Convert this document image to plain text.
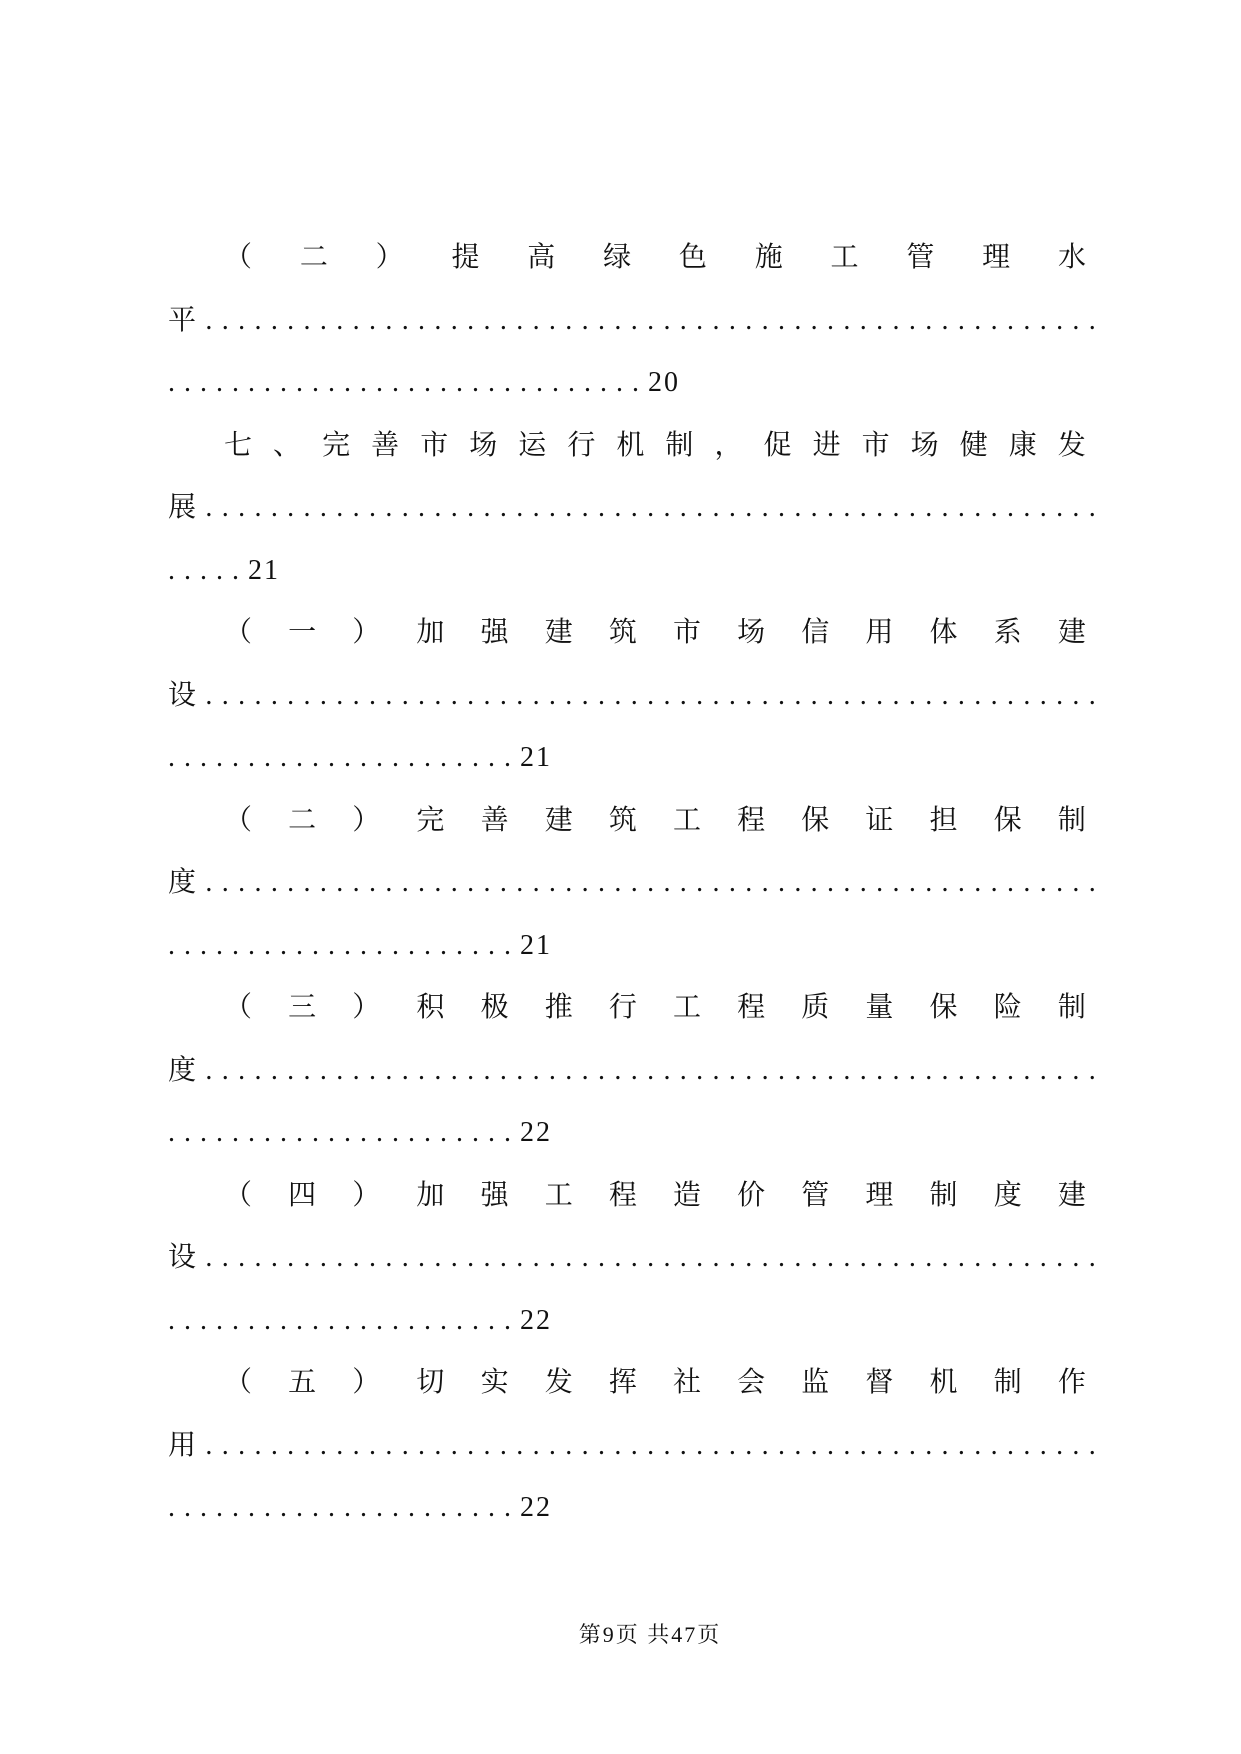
（ 二 ） 提 高 绿 色 施 工 管 理 水
平 . . . . . . . . . . . . . . . . . . . . . . . . . . . . . . . . . . . . . . . . . . . . . . . . . . . . . . .
. . . . . . . . . . . . . . . . . . . . . . . . . . . . . . 2 0
七 、 完 善 市 场 运 行 机 制 ， 促 进 市 场 健 康 发
展 . . . . . . . . . . . . . . . . . . . . . . . . . . . . . . . . . . . . . . . . . . . . . . . . . . . . . . .
. . . . . 2 1
（ 一 ） 加 强 建 筑 市 场 信 用 体 系 建
设 . . . . . . . . . . . . . . . . . . . . . . . . . . . . . . . . . . . . . . . . . . . . . . . . . . . . . . .
. . . . . . . . . . . . . . . . . . . . . . 2 1
（ 二 ） 完 善 建 筑 工 程 保 证 担 保 制
度 . . . . . . . . . . . . . . . . . . . . . . . . . . . . . . . . . . . . . . . . . . . . . . . . . . . . . . .
. . . . . . . . . . . . . . . . . . . . . . 2 1
（ 三 ） 积 极 推 行 工 程 质 量 保 险 制
度 . . . . . . . . . . . . . . . . . . . . . . . . . . . . . . . . . . . . . . . . . . . . . . . . . . . . . . .
. . . . . . . . . . . . . . . . . . . . . . 2 2
（ 四 ） 加 强 工 程 造 价 管 理 制 度 建
设 . . . . . . . . . . . . . . . . . . . . . . . . . . . . . . . . . . . . . . . . . . . . . . . . . . . . . . .
. . . . . . . . . . . . . . . . . . . . . . 2 2
（ 五 ） 切 实 发 挥 社 会 监 督 机 制 作
用 . . . . . . . . . . . . . . . . . . . . . . . . . . . . . . . . . . . . . . . . . . . . . . . . . . . . . . .
. . . . . . . . . . . . . . . . . . . . . . 2 2
第9页 共47页
